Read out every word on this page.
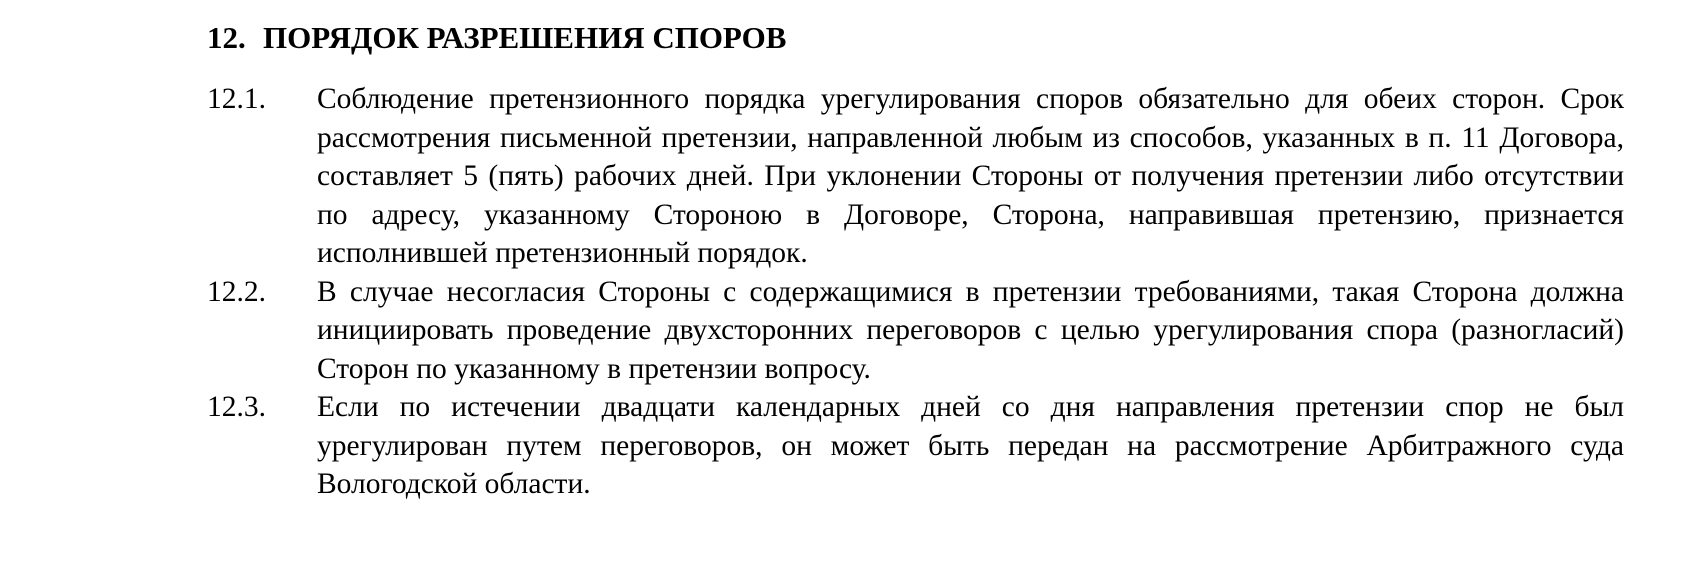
12. ПОРЯДОК РАЗРЕШЕНИЯ СПОРОВ
12.1.	Соблюдение претензионного порядка урегулирования споров обязательно для обеих сторон. Срок рассмотрения письменной претензии, направленной любым из способов, указанных в п. 11 Договора, составляет 5 (пять) рабочих дней. При уклонении Стороны от получения претензии либо отсутствии по адресу, указанному Стороною в Договоре, Сторона, направившая претензию, признается исполнившей претензионный порядок.
12.2.	В случае несогласия Стороны с содержащимися в претензии требованиями, такая Сторона должна инициировать проведение двухсторонних переговоров с целью урегулирования спора (разногласий) Сторон по указанному в претензии вопросу.
12.3.	Если по истечении двадцати календарных дней со дня направления претензии спор не был урегулирован путем переговоров, он может быть передан на рассмотрение Арбитражного суда Вологодской области.
